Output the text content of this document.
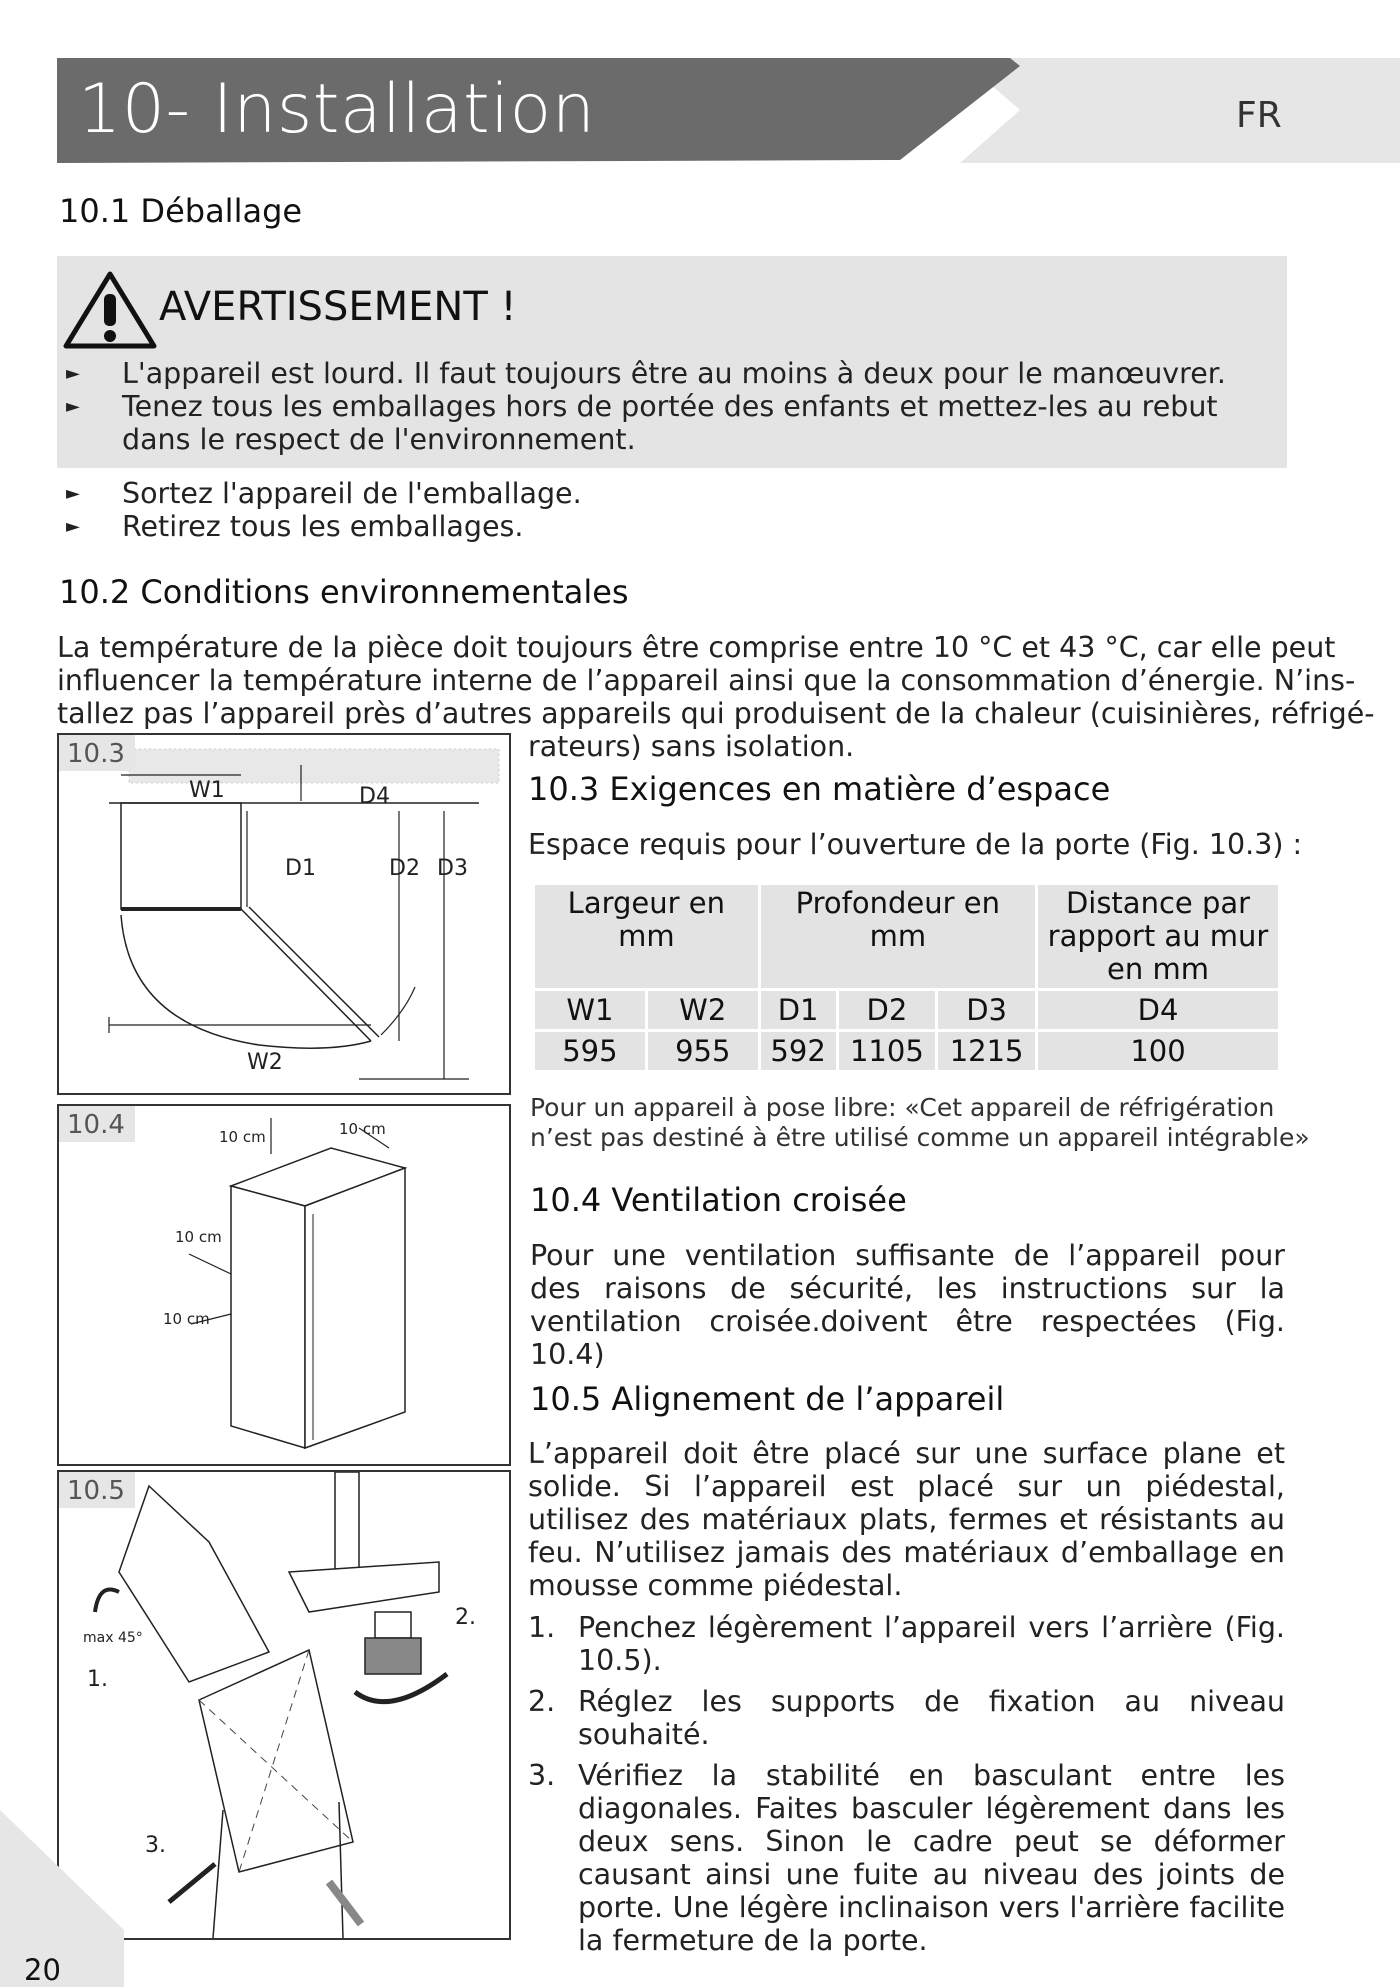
10- Installation	FR
10.1 Déballage
AVERTISSEMENT !
► L'appareil est lourd. Il faut toujours être au moins à deux pour le manœuvrer.
► Tenez tous les emballages hors de portée des enfants et mettez-les au rebut dans le respect de l'environnement.
► Sortez l'appareil de l'emballage.
► Retirez tous les emballages.
10.2 Conditions environnementales
La température de la pièce doit toujours être comprise entre 10 °C et 43 °C, car elle peut
influencer la température interne de l’appareil ainsi que la consommation d’énergie. N’ins-
tallez pas l’appareil près d’autres appareils qui produisent de la chaleur (cuisinières, réfrigé-
rateurs) sans isolation.
W1	D4
D1	D2 D3
W2
10.3
10 cm	10 cm
10 cm
10 cm
10.4
max 45°
1.
2.
3.
10.5
10.3 Exigences en matière d’espace
Espace requis pour l’ouverture de la porte (Fig. 10.3) :
Largeur en mm		Profondeur en mm			Distance par rapport au mur en mm
W1	W2	D1	D2	D3	D4
595	955	592	1105	1215	100
Pour un appareil à pose libre: «Cet appareil de réfrigération
n’est pas destiné à être utilisé comme un appareil intégrable»
10.4 Ventilation croisée
Pour une ventilation suffisante de l’appareil pour des raisons de sécurité, les instructions sur la ventilation croisée.doivent être respectées (Fig. 10.4)
10.5 Alignement de l’appareil
L’appareil doit être placé sur une surface plane et solide. Si l’appareil est placé sur un piédestal, utilisez des matériaux plats, fermes et résistants au feu. N’utilisez jamais des matériaux d’emballage en mousse comme piédestal.
1. Penchez légèrement l’appareil vers l’arrière (Fig. 10.5).
2. Réglez les supports de fixation au niveau souhaité.
3. Vérifiez la stabilité en basculant entre les diagonales. Faites basculer légèrement dans les deux sens. Sinon le cadre peut se déformer causant ainsi une fuite au niveau des joints de porte. Une légère inclinaison vers l'arrière facilite la fermeture de la porte.
20
